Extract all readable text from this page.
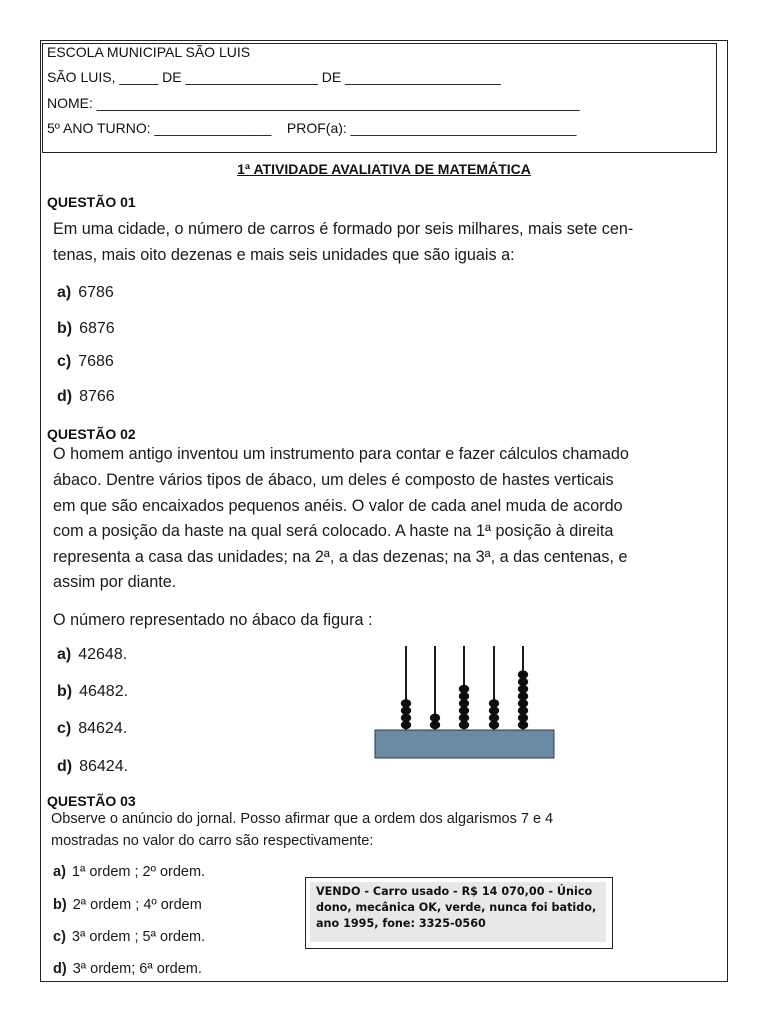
ESCOLA MUNICIPAL SÃO LUIS
SÃO LUIS, _____ DE _________________ DE ____________________
NOME: ______________________________________________________________
5º ANO TURNO: _______________    PROF(a): _____________________________
1ª ATIVIDADE AVALIATIVA DE MATEMÁTICA
QUESTÃO 01
Em uma cidade, o número de carros é formado por seis milhares, mais sete cen-
tenas, mais oito dezenas e mais seis unidades que são iguais a:
a) 6786
b) 6876
c) 7686
d) 8766
QUESTÃO 02
O homem antigo inventou um instrumento para contar e fazer cálculos chamado
ábaco. Dentre vários tipos de ábaco, um deles é composto de hastes verticais
em que são encaixados pequenos anéis. O valor de cada anel muda de acordo
com a posição da haste na qual será colocado. A haste na 1ª posição à direita
representa a casa das unidades; na 2ª, a das dezenas; na 3ª, a das centenas, e
assim por diante.
O número representado no ábaco da figura :
a) 42648.
b) 46482.
c) 84624.
d) 86424.
QUESTÃO 03
Observe o anúncio do jornal. Posso afirmar que a ordem dos algarismos 7 e 4
mostradas no valor do carro são respectivamente:
a) 1ª ordem ; 2º ordem.
b) 2ª ordem ; 4º ordem
c) 3ª ordem ; 5ª ordem.
d) 3ª ordem; 6ª ordem.
VENDO - Carro usado - R$ 14 070,00 - Único
dono, mecânica OK, verde, nunca foi batido,
ano 1995, fone: 3325-0560
